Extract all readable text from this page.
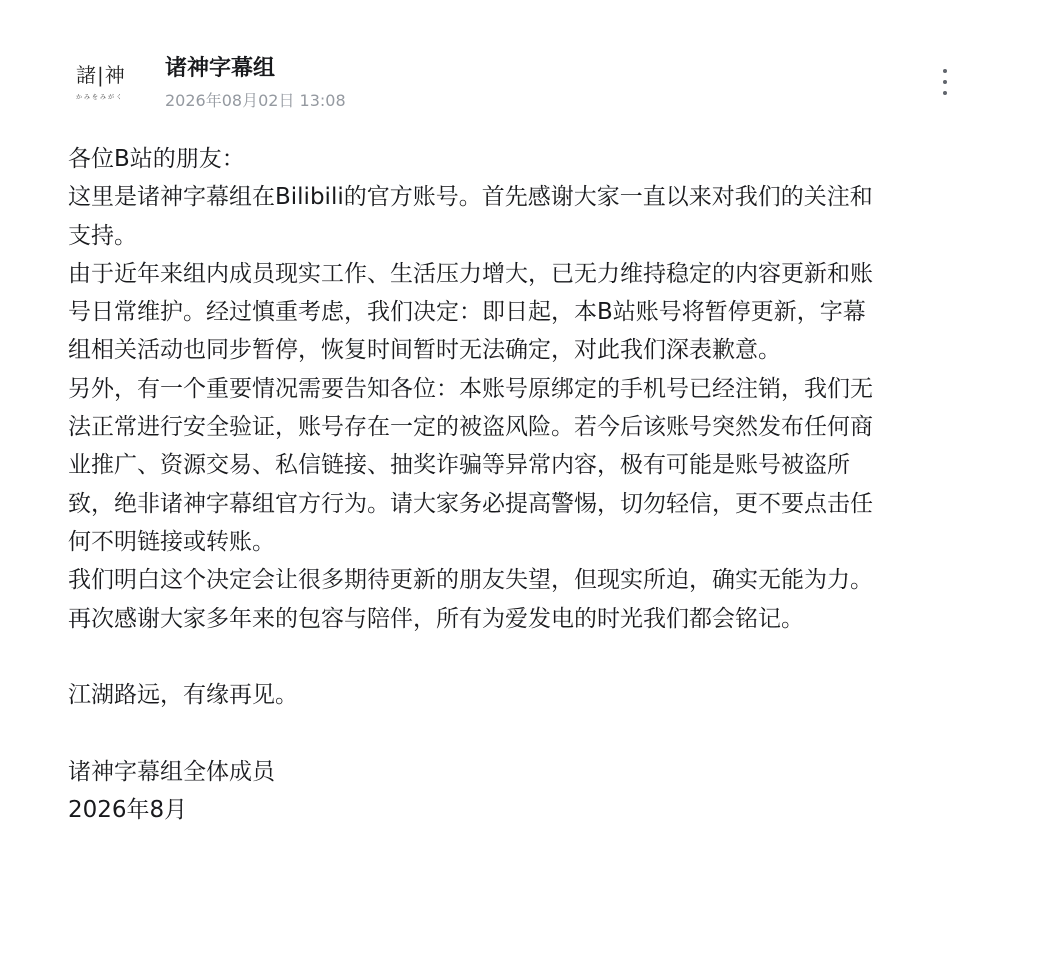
諸|神
かみをみがく
诸神字幕组
2026年08月02日 13:08

各位B站的朋友：

这里是诸神字幕组在Bilibili的官方账号。首先感谢大家一直以来对我们的关注和

支持。

由于近年来组内成员现实工作、生活压力增大，已无力维持稳定的内容更新和账

号日常维护。经过慎重考虑，我们决定：即日起，本B站账号将暂停更新，字幕

组相关活动也同步暂停，恢复时间暂时无法确定，对此我们深表歉意。

另外，有一个重要情况需要告知各位：本账号原绑定的手机号已经注销，我们无

法正常进行安全验证，账号存在一定的被盗风险。若今后该账号突然发布任何商

业推广、资源交易、私信链接、抽奖诈骗等异常内容，极有可能是账号被盗所

致，绝非诸神字幕组官方行为。请大家务必提高警惕，切勿轻信，更不要点击任

何不明链接或转账。

我们明白这个决定会让很多期待更新的朋友失望，但现实所迫，确实无能为力。

再次感谢大家多年来的包容与陪伴，所有为爱发电的时光我们都会铭记。

江湖路远，有缘再见。

诸神字幕组全体成员

2026年8月
